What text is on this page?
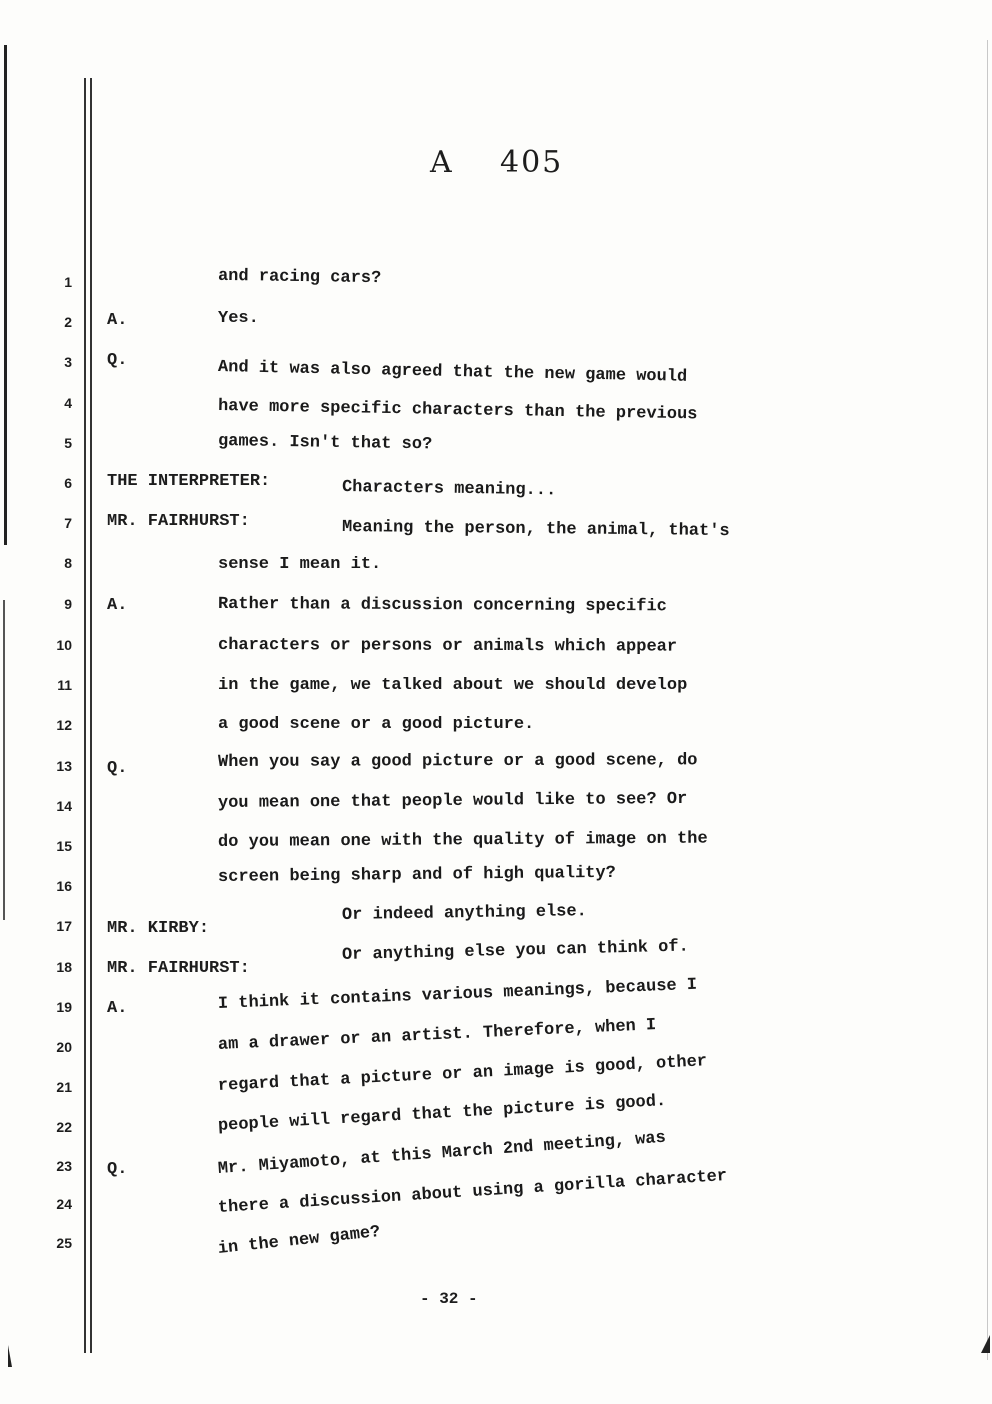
A 405
1
2
3
4
5
6
7
8
9
10
11
12
13
14
15
16
17
18
19
20
21
22
23
24
25
and racing cars?
A.	Yes.
Q.	And it was also agreed that the new game would
have more specific characters than the previous
games. Isn't that so?
THE INTERPRETER:	Characters meaning...
MR. FAIRHURST:	Meaning the person, the animal, that's
sense I mean it.
A.	Rather than a discussion concerning specific
characters or persons or animals which appear
in the game, we talked about we should develop
a good scene or a good picture.
Q.	When you say a good picture or a good scene, do
you mean one that people would like to see? Or
do you mean one with the quality of image on the
screen being sharp and of high quality?
MR. KIRBY:
Or indeed anything else.
MR. FAIRHURST:
Or anything else you can think of.
A.	I think it contains various meanings, because I
am a drawer or an artist. Therefore, when I
regard that a picture or an image is good, other
people will regard that the picture is good.
Q.	Mr. Miyamoto, at this March 2nd meeting, was
there a discussion about using a gorilla character
in the new game?
- 32 -
